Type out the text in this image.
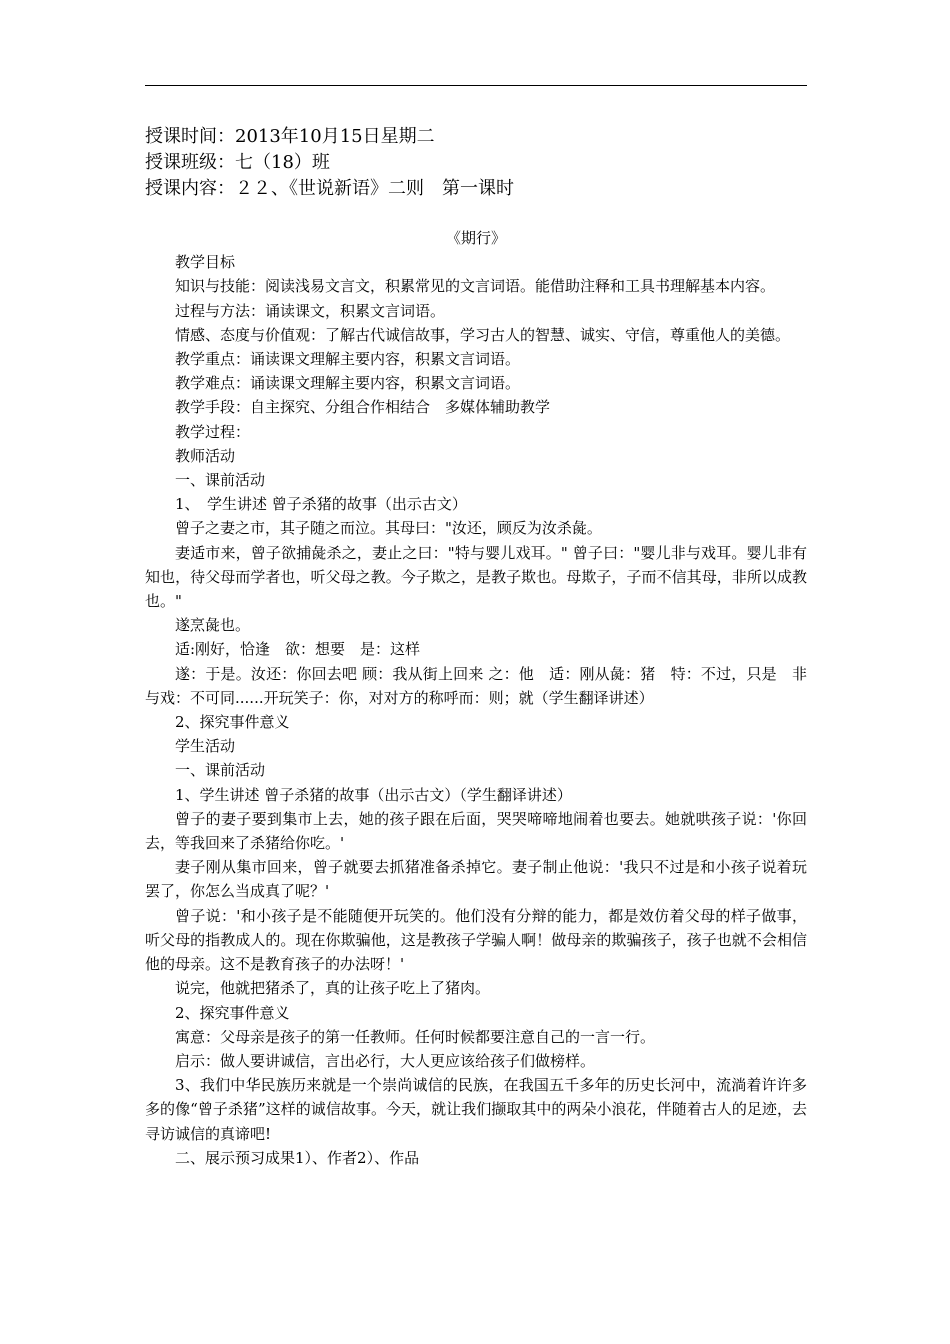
授课时间：2013年10月15日星期二
授课班级：七（18）班
授课内容：２２、《世说新语》二则　第一课时
《期行》
教学目标
知识与技能：阅读浅易文言文，积累常见的文言词语。能借助注释和工具书理解基本内容。
过程与方法：诵读课文，积累文言词语。
情感、态度与价值观：了解古代诚信故事，学习古人的智慧、诚实、守信，尊重他人的美德。
教学重点：诵读课文理解主要内容，积累文言词语。
教学难点：诵读课文理解主要内容，积累文言词语。
教学手段：自主探究、分组合作相结合　多媒体辅助教学
教学过程：
教师活动
一、课前活动
1、　学生讲述 曾子杀猪的故事（出示古文）
曾子之妻之市，其子随之而泣。其母曰："汝还，顾反为汝杀彘。
妻适市来，曾子欲捕彘杀之，妻止之曰："特与婴儿戏耳。" 曾子曰："婴儿非与戏耳。婴儿非有知也，待父母而学者也，听父母之教。今子欺之，是教子欺也。母欺子，子而不信其母，非所以成教也。"
遂烹彘也。
适:刚好，恰逢　欲：想要　是：这样
遂：于是。汝还：你回去吧 顾：我从街上回来 之：他　适：刚从彘：猪　特：不过，只是　非与戏：不可同......开玩笑子：你，对对方的称呼而：则；就（学生翻译讲述）
2、探究事件意义
学生活动
一、课前活动
1、学生讲述 曾子杀猪的故事（出示古文）（学生翻译讲述）
曾子的妻子要到集市上去，她的孩子跟在后面，哭哭啼啼地闹着也要去。她就哄孩子说：'你回去，等我回来了杀猪给你吃。'
妻子刚从集市回来，曾子就要去抓猪准备杀掉它。妻子制止他说：'我只不过是和小孩子说着玩罢了，你怎么当成真了呢？'
曾子说：'和小孩子是不能随便开玩笑的。他们没有分辩的能力，都是效仿着父母的样子做事，听父母的指教成人的。现在你欺骗他，这是教孩子学骗人啊！做母亲的欺骗孩子，孩子也就不会相信他的母亲。这不是教育孩子的办法呀！'
说完，他就把猪杀了，真的让孩子吃上了猪肉。
2、探究事件意义
寓意：父母亲是孩子的第一任教师。任何时候都要注意自己的一言一行。
启示：做人要讲诚信，言出必行，大人更应该给孩子们做榜样。
3、我们中华民族历来就是一个崇尚诚信的民族，在我国五千多年的历史长河中，流淌着许许多多的像“曾子杀猪”这样的诚信故事。今天，就让我们撷取其中的两朵小浪花，伴随着古人的足迹，去寻访诚信的真谛吧!
二、展示预习成果1）、作者2）、作品
